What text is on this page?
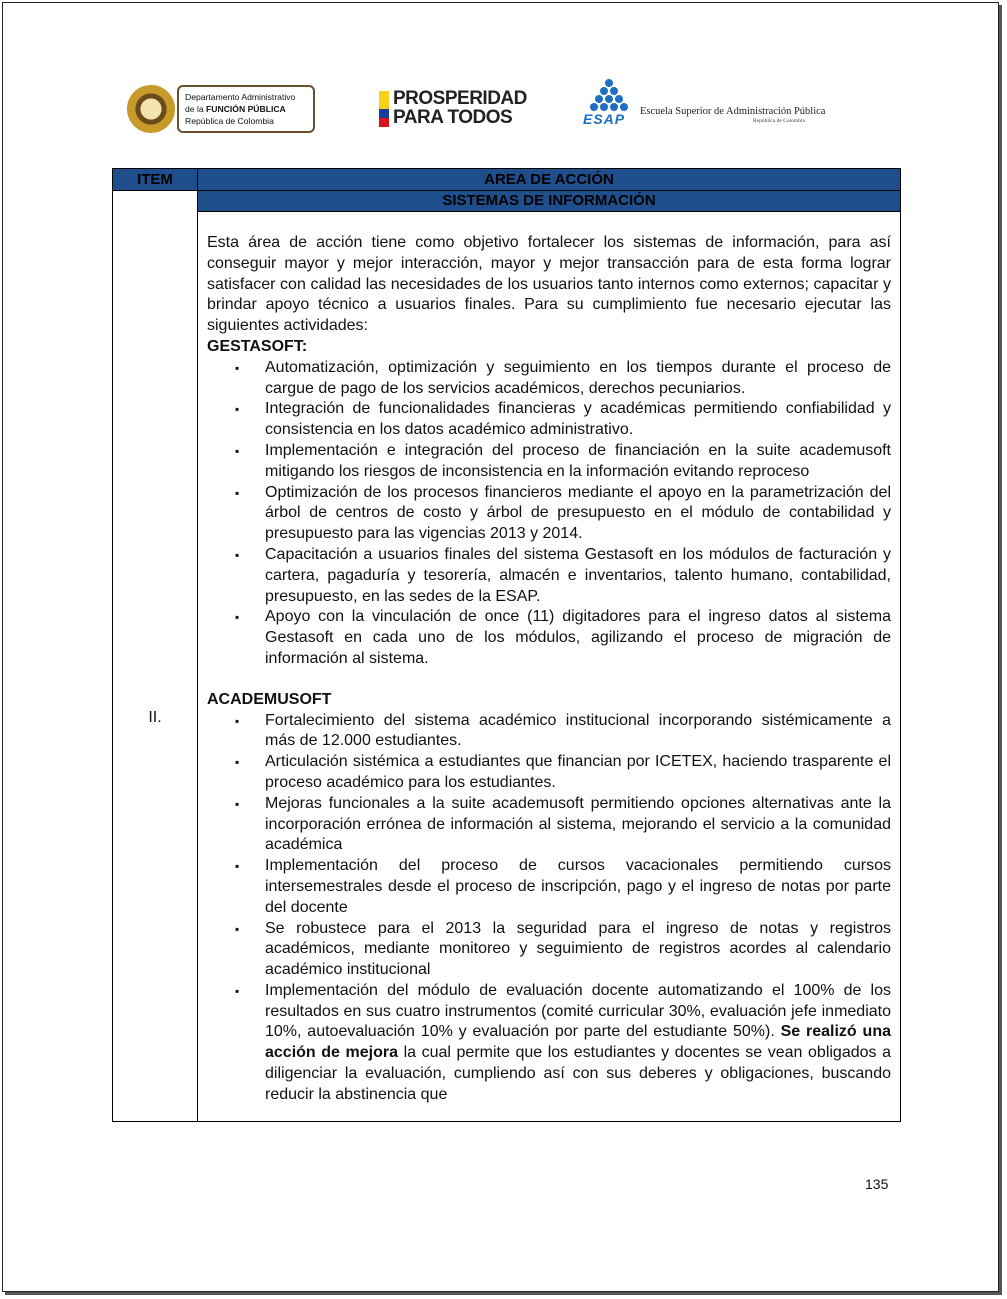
Departamento Administrativo
de la FUNCIÓN PÚBLICA
República de Colombia
PROSPERIDAD
PARA TODOS	ESAP Escuela Superior de Administración Pública
República de Colombia
ITEM	AREA DE ACCIÓN
II.
SISTEMAS DE INFORMACIÓN

Esta área de acción tiene como objetivo fortalecer los sistemas de información, para así conseguir mayor y mejor interacción, mayor y mejor transacción para de esta forma lograr satisfacer con calidad las necesidades de los usuarios tanto internos como externos; capacitar y brindar apoyo técnico a usuarios finales. Para su cumplimiento fue necesario ejecutar las siguientes actividades:

GESTASOFT:
▪ Automatización, optimización y seguimiento en los tiempos durante el proceso de cargue de pago de los servicios académicos, derechos pecuniarios.
▪ Integración de funcionalidades financieras y académicas permitiendo confiabilidad y consistencia en los datos académico administrativo.
▪ Implementación e integración del proceso de financiación en la suite academusoft mitigando los riesgos de inconsistencia en la información evitando reproceso
▪ Optimización de los procesos financieros mediante el apoyo en la parametrización del árbol de centros de costo y árbol de presupuesto en el módulo de contabilidad y presupuesto para las vigencias 2013 y 2014.
▪ Capacitación a usuarios finales del sistema Gestasoft en los módulos de facturación y cartera, pagaduría y tesorería, almacén e inventarios, talento humano, contabilidad, presupuesto, en las sedes de la ESAP.
▪ Apoyo con la vinculación de once (11) digitadores para el ingreso datos al sistema Gestasoft en cada uno de los módulos, agilizando el proceso de migración de información al sistema.
ACADEMUSOFT
▪ Fortalecimiento del sistema académico institucional incorporando sistémicamente a más de 12.000 estudiantes.
▪ Articulación sistémica a estudiantes que financian por ICETEX, haciendo trasparente el proceso académico para los estudiantes.
▪ Mejoras funcionales a la suite academusoft permitiendo opciones alternativas ante la incorporación errónea de información al sistema, mejorando el servicio a la comunidad académica
▪ Implementación del proceso de cursos vacacionales permitiendo cursos intersemestrales desde el proceso de inscripción, pago y el ingreso de notas por parte del docente
▪ Se robustece para el 2013 la seguridad para el ingreso de notas y registros académicos, mediante monitoreo y seguimiento de registros acordes al calendario académico institucional
▪ Implementación del módulo de evaluación docente automatizando el 100% de los resultados en sus cuatro instrumentos (comité curricular 30%, evaluación jefe inmediato 10%, autoevaluación 10% y evaluación por parte del estudiante 50%). Se realizó una acción de mejora la cual permite que los estudiantes y docentes se vean obligados a diligenciar la evaluación, cumpliendo así con sus deberes y obligaciones, buscando reducir la abstinencia que
135
